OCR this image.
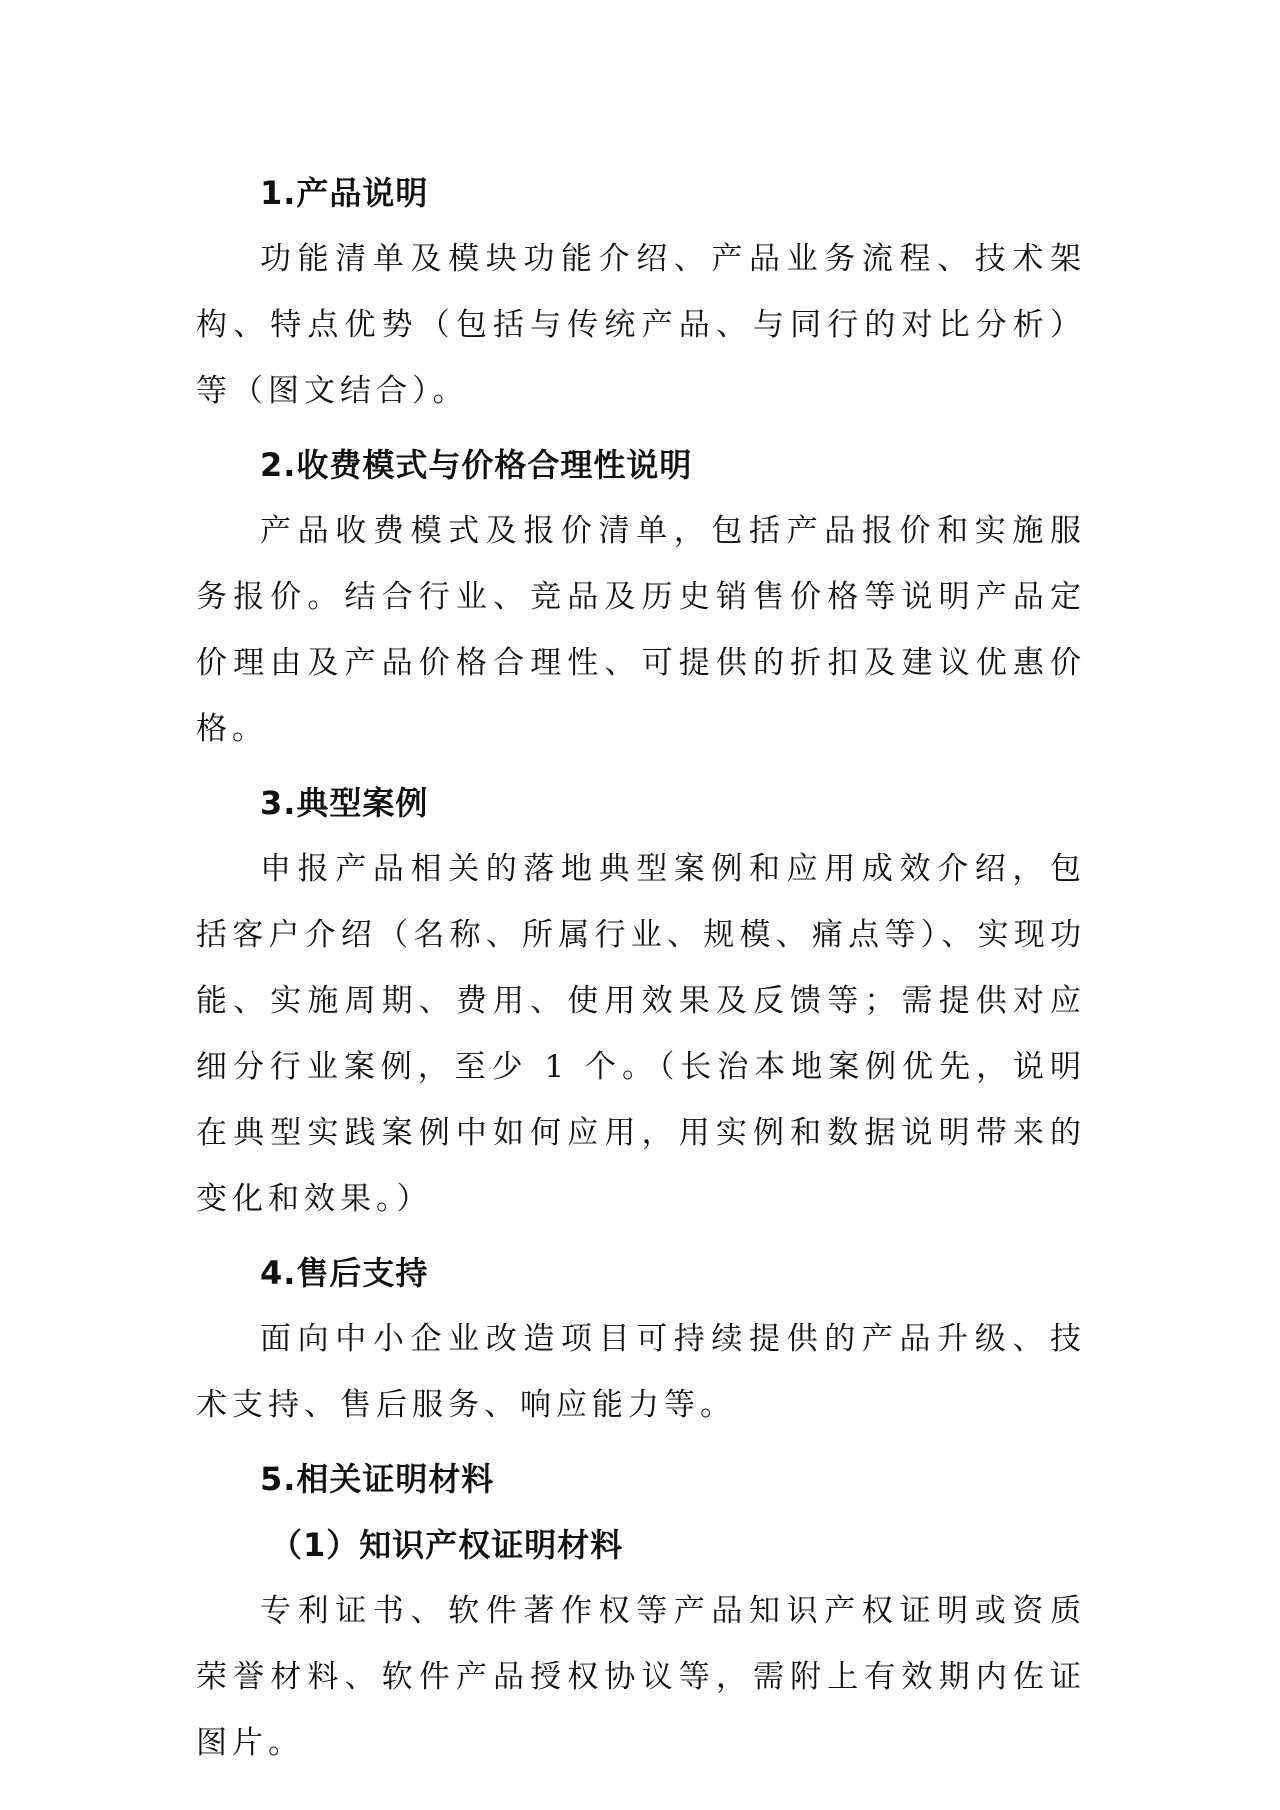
1.产品说明

功能清单及模块功能介绍、产品业务流程、技术架构、特点优势（包括与传统产品、与同行的对比分析）等（图文结合）。

2.收费模式与价格合理性说明

产品收费模式及报价清单，包括产品报价和实施服务报价。结合行业、竞品及历史销售价格等说明产品定价理由及产品价格合理性、可提供的折扣及建议优惠价格。

3.典型案例

申报产品相关的落地典型案例和应用成效介绍，包括客户介绍（名称、所属行业、规模、痛点等）、实现功能、实施周期、费用、使用效果及反馈等；需提供对应细分行业案例，至少 1 个。（长治本地案例优先，说明在典型实践案例中如何应用，用实例和数据说明带来的变化和效果。）

4.售后支持

面向中小企业改造项目可持续提供的产品升级、技术支持、售后服务、响应能力等。

5.相关证明材料
（1）知识产权证明材料

专利证书、软件著作权等产品知识产权证明或资质荣誉材料、软件产品授权协议等，需附上有效期内佐证图片。
